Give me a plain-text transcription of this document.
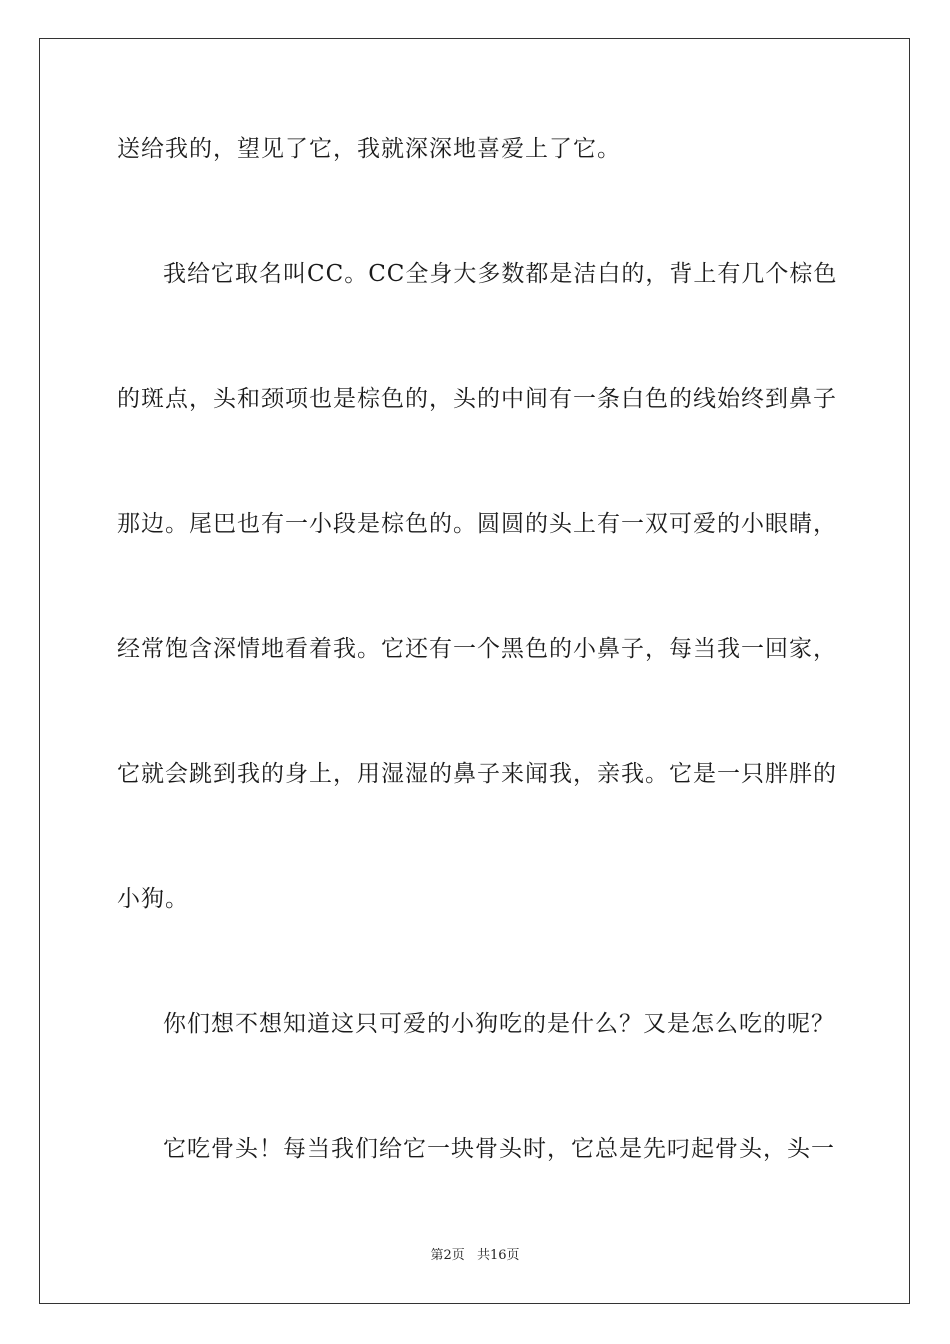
送给我的，望见了它，我就深深地喜爱上了它。
我给它取名叫CC。CC全身大多数都是洁白的，背上有几个棕色
的斑点，头和颈项也是棕色的，头的中间有一条白色的线始终到鼻子
那边。尾巴也有一小段是棕色的。圆圆的头上有一双可爱的小眼睛，
经常饱含深情地看着我。它还有一个黑色的小鼻子，每当我一回家，
它就会跳到我的身上，用湿湿的鼻子来闻我，亲我。它是一只胖胖的
小狗。
你们想不想知道这只可爱的小狗吃的是什么？又是怎么吃的呢？
它吃骨头！每当我们给它一块骨头时，它总是先叼起骨头，头一
第2页 共16页
